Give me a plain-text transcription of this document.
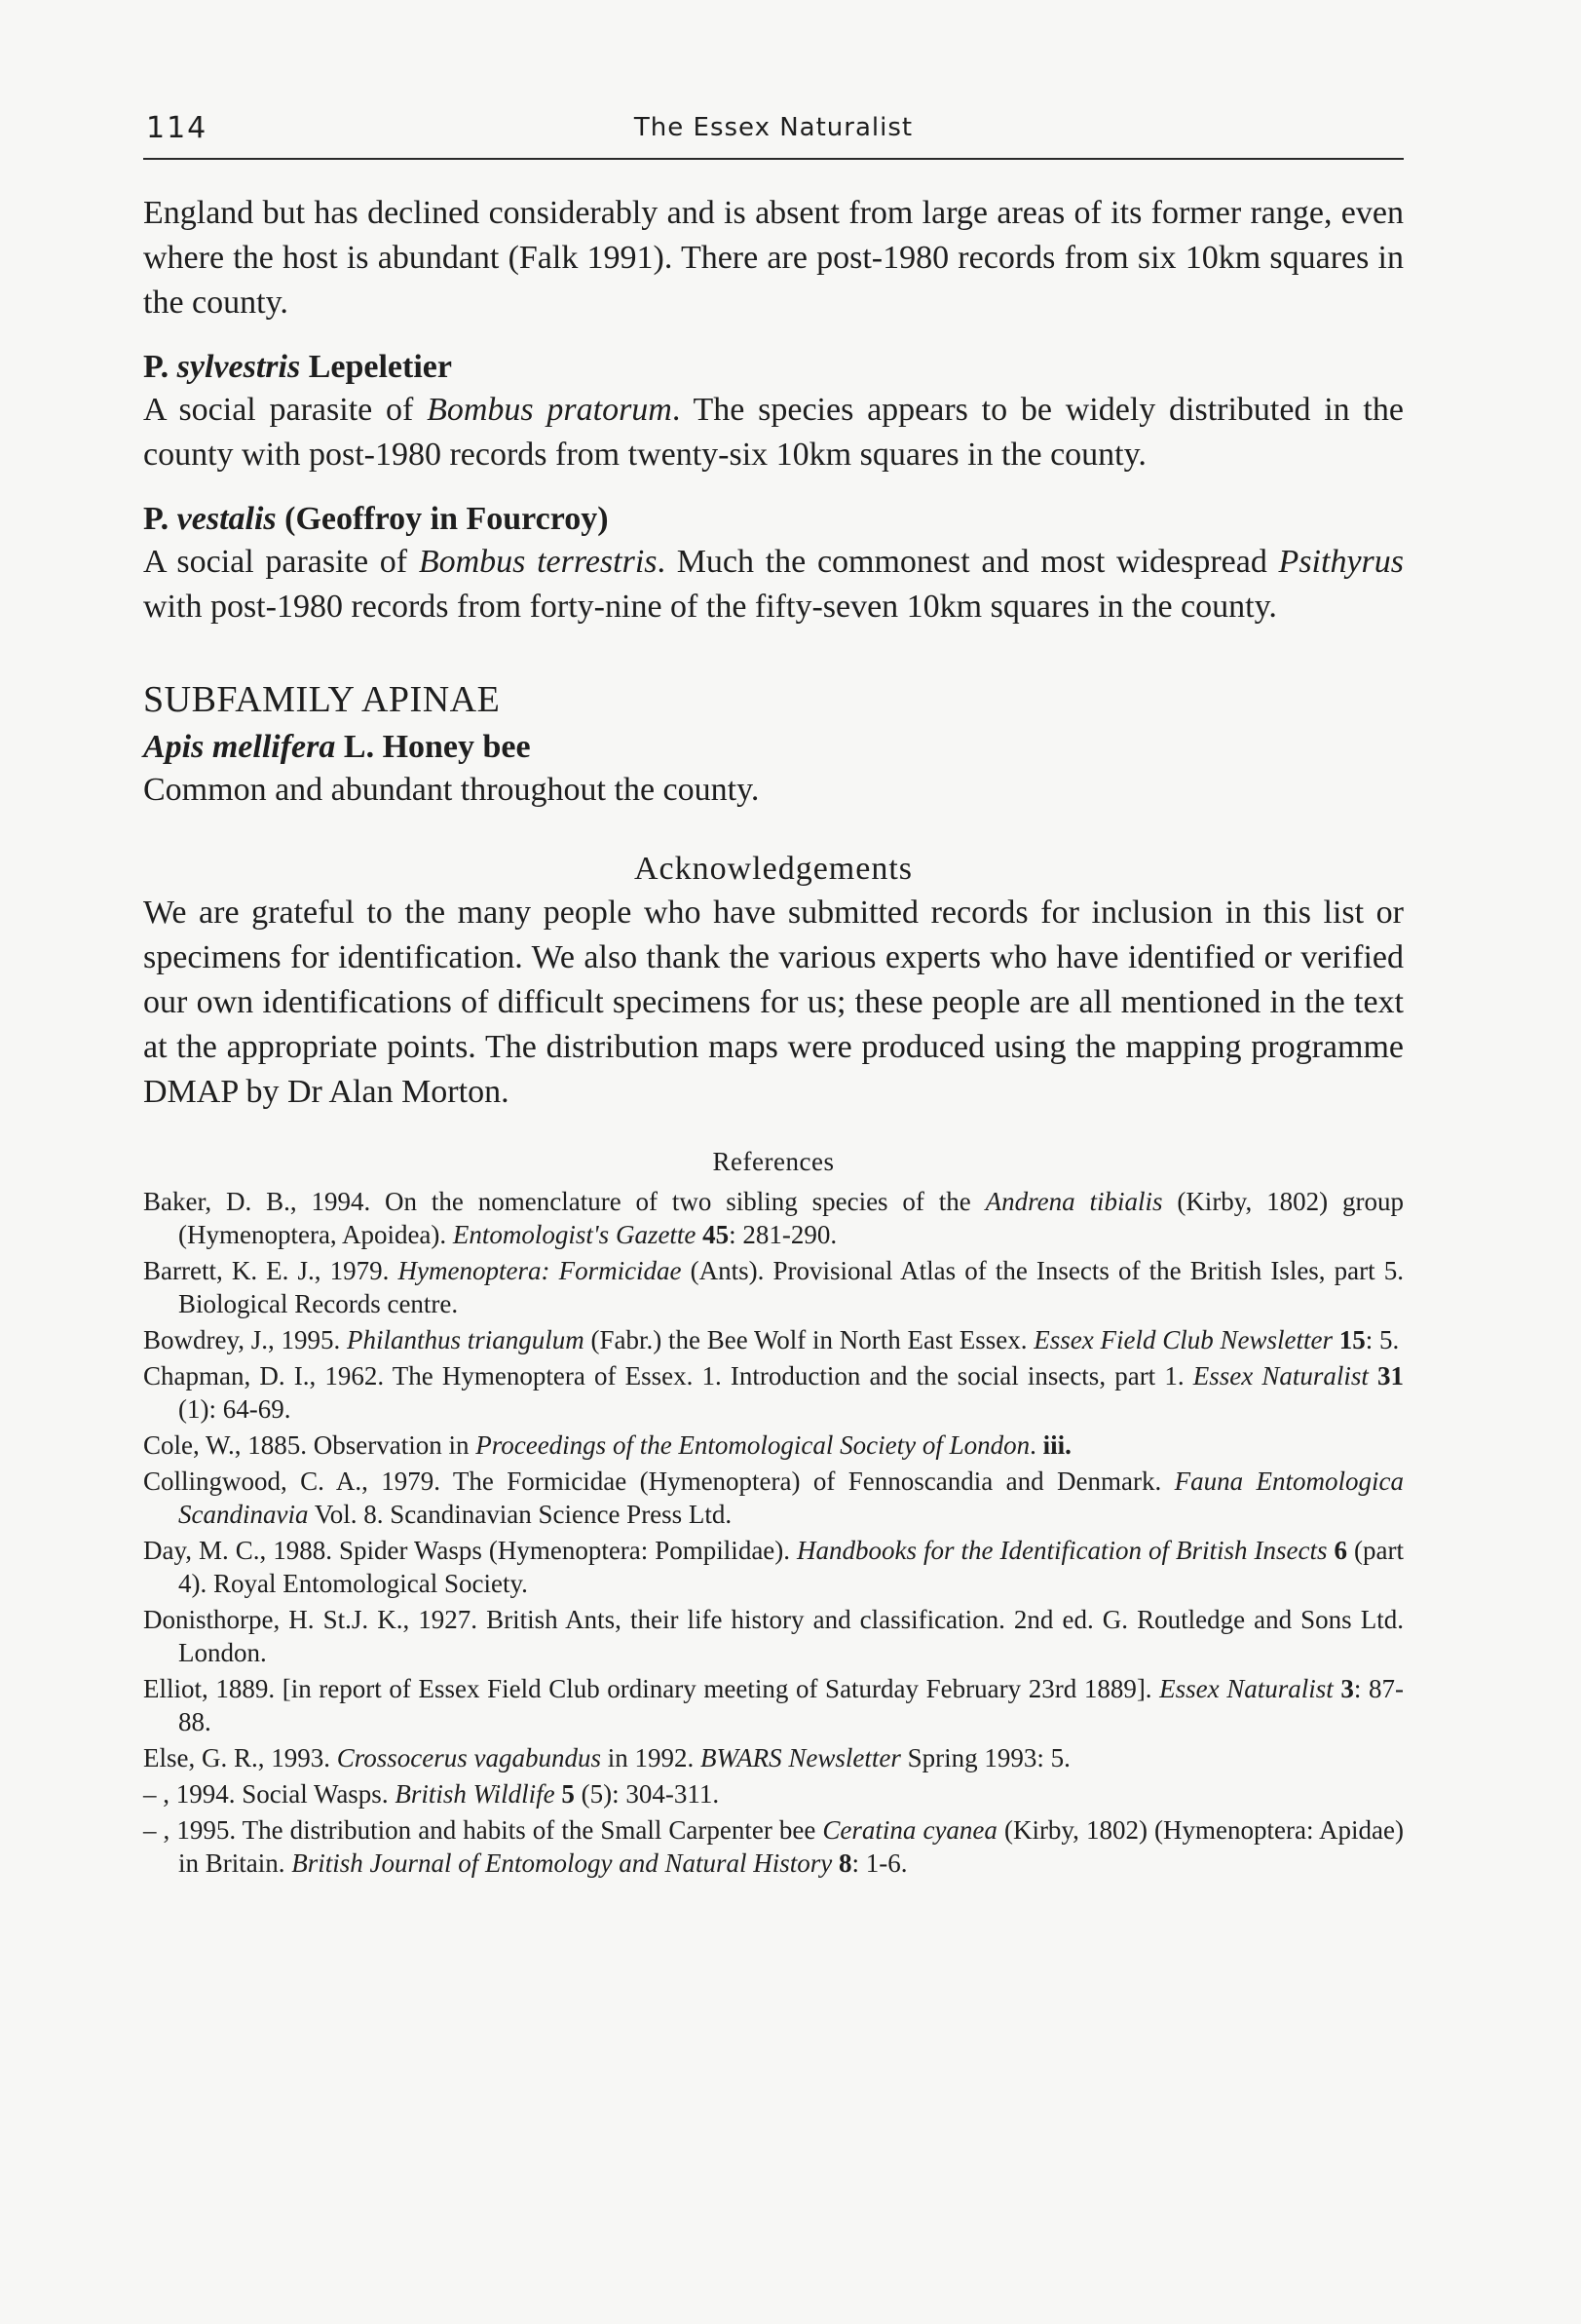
114	The Essex Naturalist

England but has declined considerably and is absent from large areas of its former range, even where the host is abundant (Falk 1991). There are post-1980 records from six 10km squares in the county.

P. sylvestris Lepeletier

A social parasite of Bombus pratorum. The species appears to be widely distributed in the county with post-1980 records from twenty-six 10km squares in the county.

P. vestalis (Geoffroy in Fourcroy)

A social parasite of Bombus terrestris. Much the commonest and most widespread Psithyrus with post-1980 records from forty-nine of the fifty-seven 10km squares in the county.

SUBFAMILY APINAE
Apis mellifera L. Honey bee

Common and abundant throughout the county.

Acknowledgements

We are grateful to the many people who have submitted records for inclusion in this list or specimens for identification. We also thank the various experts who have identified or verified our own identifications of difficult specimens for us; these people are all mentioned in the text at the appropriate points. The distribution maps were produced using the mapping programme DMAP by Dr Alan Morton.

References

Baker, D. B., 1994. On the nomenclature of two sibling species of the Andrena tibialis (Kirby, 1802) group (Hymenoptera, Apoidea). Entomologist's Gazette 45: 281-290.

Barrett, K. E. J., 1979. Hymenoptera: Formicidae (Ants). Provisional Atlas of the Insects of the British Isles, part 5. Biological Records centre.

Bowdrey, J., 1995. Philanthus triangulum (Fabr.) the Bee Wolf in North East Essex. Essex Field Club Newsletter 15: 5.

Chapman, D. I., 1962. The Hymenoptera of Essex. 1. Introduction and the social insects, part 1. Essex Naturalist 31 (1): 64-69.

Cole, W., 1885. Observation in Proceedings of the Entomological Society of London. iii.

Collingwood, C. A., 1979. The Formicidae (Hymenoptera) of Fennoscandia and Denmark. Fauna Entomologica Scandinavia Vol. 8. Scandinavian Science Press Ltd.

Day, M. C., 1988. Spider Wasps (Hymenoptera: Pompilidae). Handbooks for the Identification of British Insects 6 (part 4). Royal Entomological Society.

Donisthorpe, H. St.J. K., 1927. British Ants, their life history and classification. 2nd ed. G. Routledge and Sons Ltd. London.

Elliot, 1889. [in report of Essex Field Club ordinary meeting of Saturday February 23rd 1889]. Essex Naturalist 3: 87-88.

Else, G. R., 1993. Crossocerus vagabundus in 1992. BWARS Newsletter Spring 1993: 5.

– , 1994. Social Wasps. British Wildlife 5 (5): 304-311.

– , 1995. The distribution and habits of the Small Carpenter bee Ceratina cyanea (Kirby, 1802) (Hymenoptera: Apidae) in Britain. British Journal of Entomology and Natural History 8: 1-6.
